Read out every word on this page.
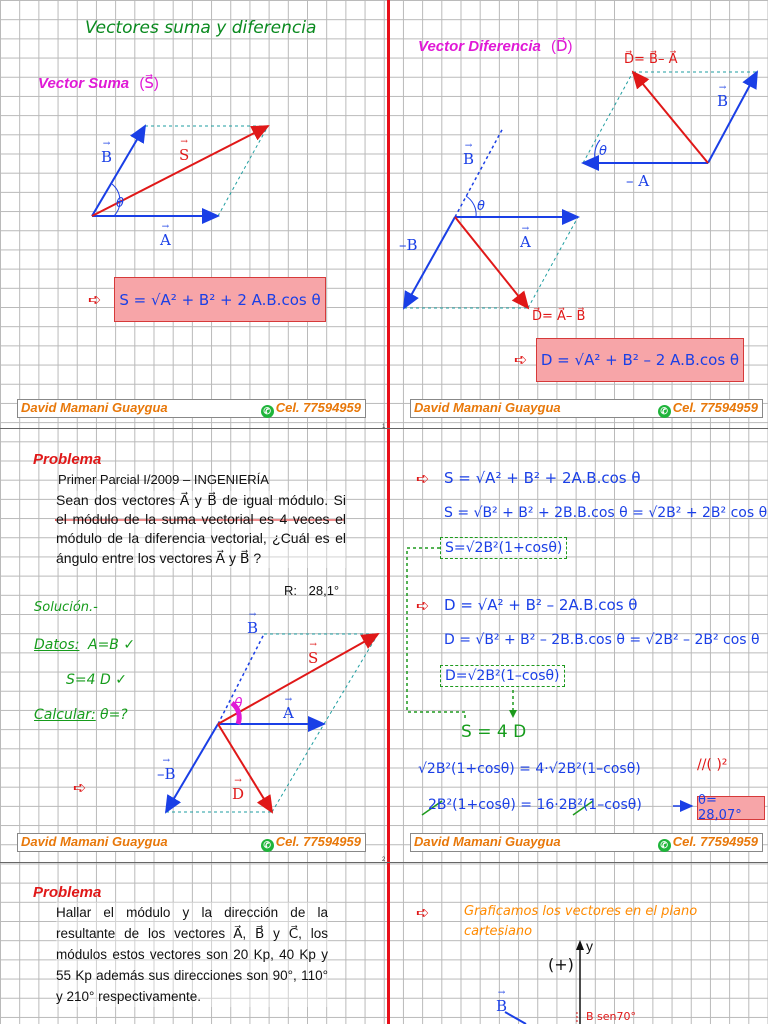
1
2
Vectores suma y diferencia
Vector Suma (S⃗)
→
B
→
S
→
A
θ
➪	S = √A² + B² + 2 A.B.cos θ
David Mamani Guaygua	✆ Cel. 77594959
Vector Diferencia (D⃗)
D⃗= B⃗– A⃗
→
B
θ
– A
→
B
θ
→
A
–B
D⃗= A⃗– B⃗
➪ D = √A² + B² – 2 A.B.cos θ
David Mamani Guaygua	✆ Cel. 77594959
Problema
Primer Parcial I/2009 – INGENIERÍA
Sean dos vectores A⃗ y B⃗ de igual módulo. Si el módulo de la suma vectorial es 4 veces el módulo de la diferencia vectorial, ¿Cuál es el ángulo entre los vectores A⃗ y B⃗ ?
R: 28,1°
Solución.-
Datos: A=B ✓
S=4 D ✓
Calcular: θ=?
➪
→
B
→
S
→
A
θ
→
–B	→
D
David Mamani Guaygua	✆ Cel. 77594959
➪ S = √A² + B² + 2A.B.cos θ
S = √B² + B² + 2B.B.cos θ = √2B² + 2B² cos θ
S=√2B²(1+cosθ)
➪ D = √A² + B² – 2A.B.cos θ
D = √B² + B² – 2B.B.cos θ = √2B² – 2B² cos θ
D=√2B²(1–cosθ)
S = 4 D
√2B²(1+cosθ) = 4·√2B²(1–cosθ)	//( )²
2B²(1+cosθ) = 16·2B²(1–cosθ)	θ= 28,07°
David Mamani Guaygua	✆ Cel. 77594959
Problema
Hallar el módulo y la dirección de la resultante de los vectores A⃗, B⃗ y C⃗, los módulos estos vectores son 20 Kp, 40 Kp y 55 Kp además sus direcciones son 90°, 110° y 210° respectivamente.
➪	Graficamos los vectores en el plano cartesiano
y
(+)
→
B
B sen70°
